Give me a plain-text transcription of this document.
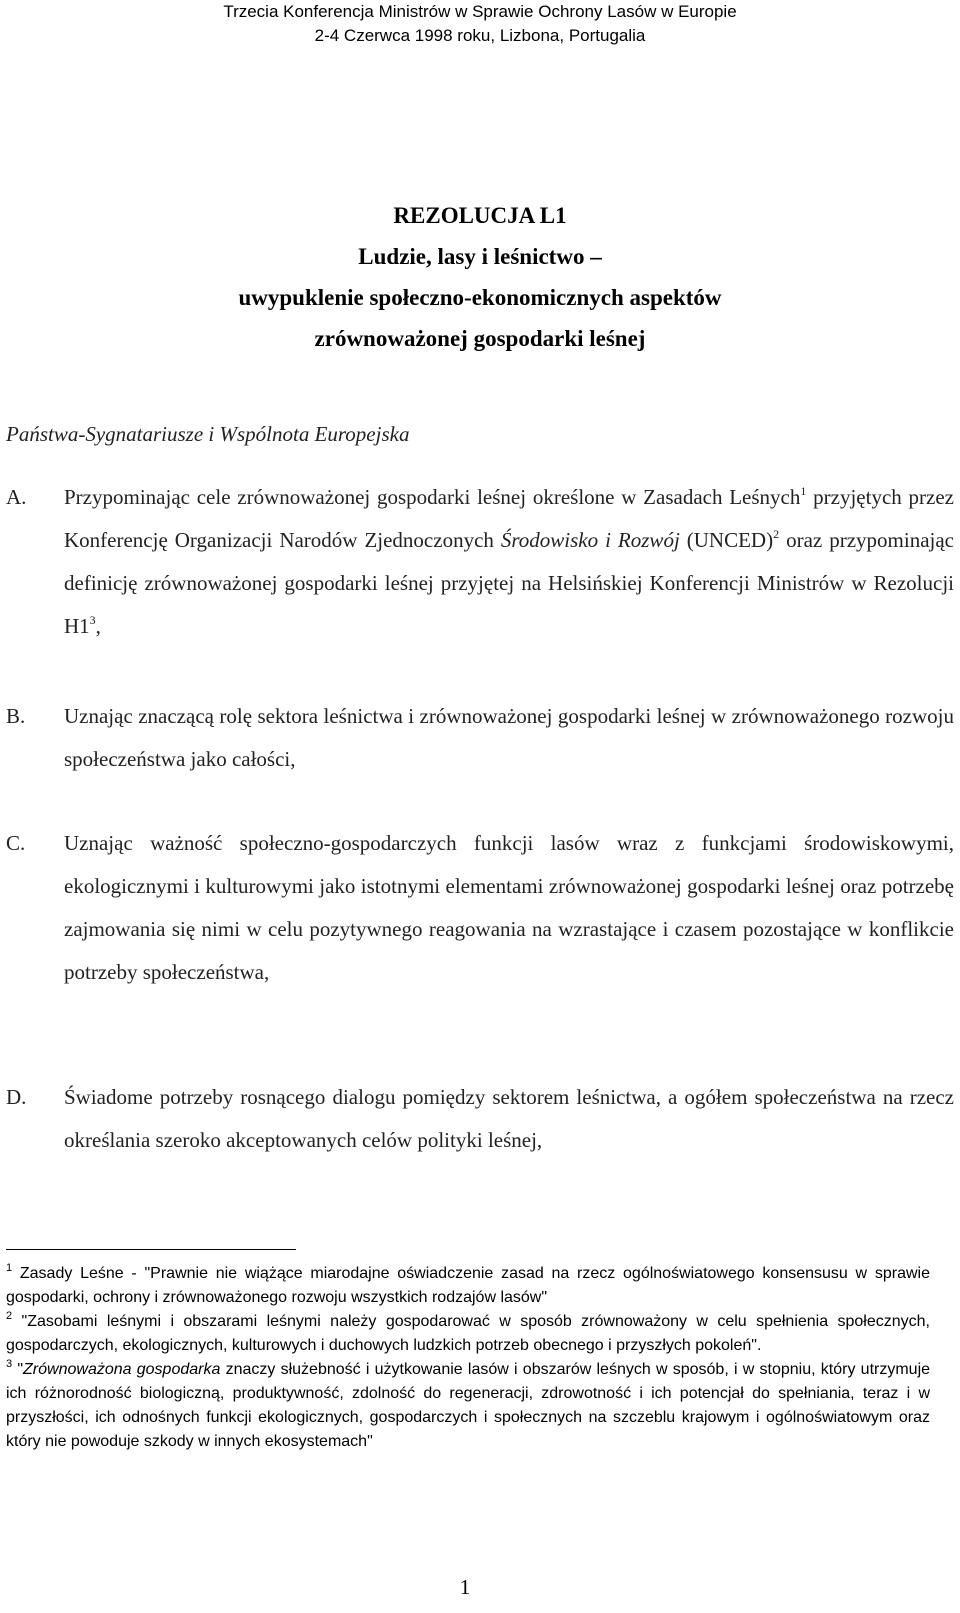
Trzecia Konferencja Ministrów w Sprawie Ochrony Lasów w Europie
2-4 Czerwca 1998 roku, Lizbona, Portugalia
REZOLUCJA L1
Ludzie, lasy i leśnictwo –
uwypuklenie społeczno-ekonomicznych aspektów
zrównoważonej gospodarki leśnej
Państwa-Sygnatariusze i Wspólnota Europejska
A. Przypominając cele zrównoważonej gospodarki leśnej określone w Zasadach Leśnych$^1$ przyjętych przez Konferencję Organizacji Narodów Zjednoczonych Środowisko i Rozwój (UNCED)$^2$ oraz przypominając definicję zrównoważonej gospodarki leśnej przyjętej na Helsińskiej Konferencji Ministrów w Rezolucji $H1^3$,
B. Uznając znaczącą rolę sektora leśnictwa i zrównoważonej gospodarki leśnej w zrównoważonego rozwoju społeczeństwa jako całości,
C. Uznając ważność społeczno-gospodarczych funkcji lasów wraz z funkcjami środowiskowymi, ekologicznymi i kulturowymi jako istotnymi elementami zrównoważonej gospodarki leśnej oraz potrzebę zajmowania się nimi w celu pozytywnego reagowania na wzrastające i czasem pozostające w konflikcie potrzeby społeczeństwa,
D. Świadome potrzeby rosnącego dialogu pomiędzy sektorem leśnictwa, a ogółem społeczeństwa na rzecz określania szeroko akceptowanych celów polityki leśnej,
$^1$ Zasady Leśne - "Prawnie nie wiążące miarodajne oświadczenie zasad na rzecz ogólnoświatowego konsensusu w sprawie gospodarki, ochrony i zrównoważonego rozwoju wszystkich rodzajów lasów"
$^2$ "Zasobami leśnymi i obszarami leśnymi należy gospodarować w sposób zrównoważony w celu spełnienia społecznych, gospodarczych, ekologicznych, kulturowych i duchowych ludzkich potrzeb obecnego i przyszłych pokoleń".
$^3$ "Zrównoważona gospodarka znaczy służebność i użytkowanie lasów i obszarów leśnych w sposób, i w stopniu, który utrzymuje ich różnorodność biologiczną, produktywność, zdolność do regeneracji, zdrowotność i ich potencjał do spełniania, teraz i w przyszłości, ich odnośnych funkcji ekologicznych, gospodarczych i społecznych na szczeblu krajowym i ogólnoświatowym oraz który nie powoduje szkody w innych ekosystemach"
1
